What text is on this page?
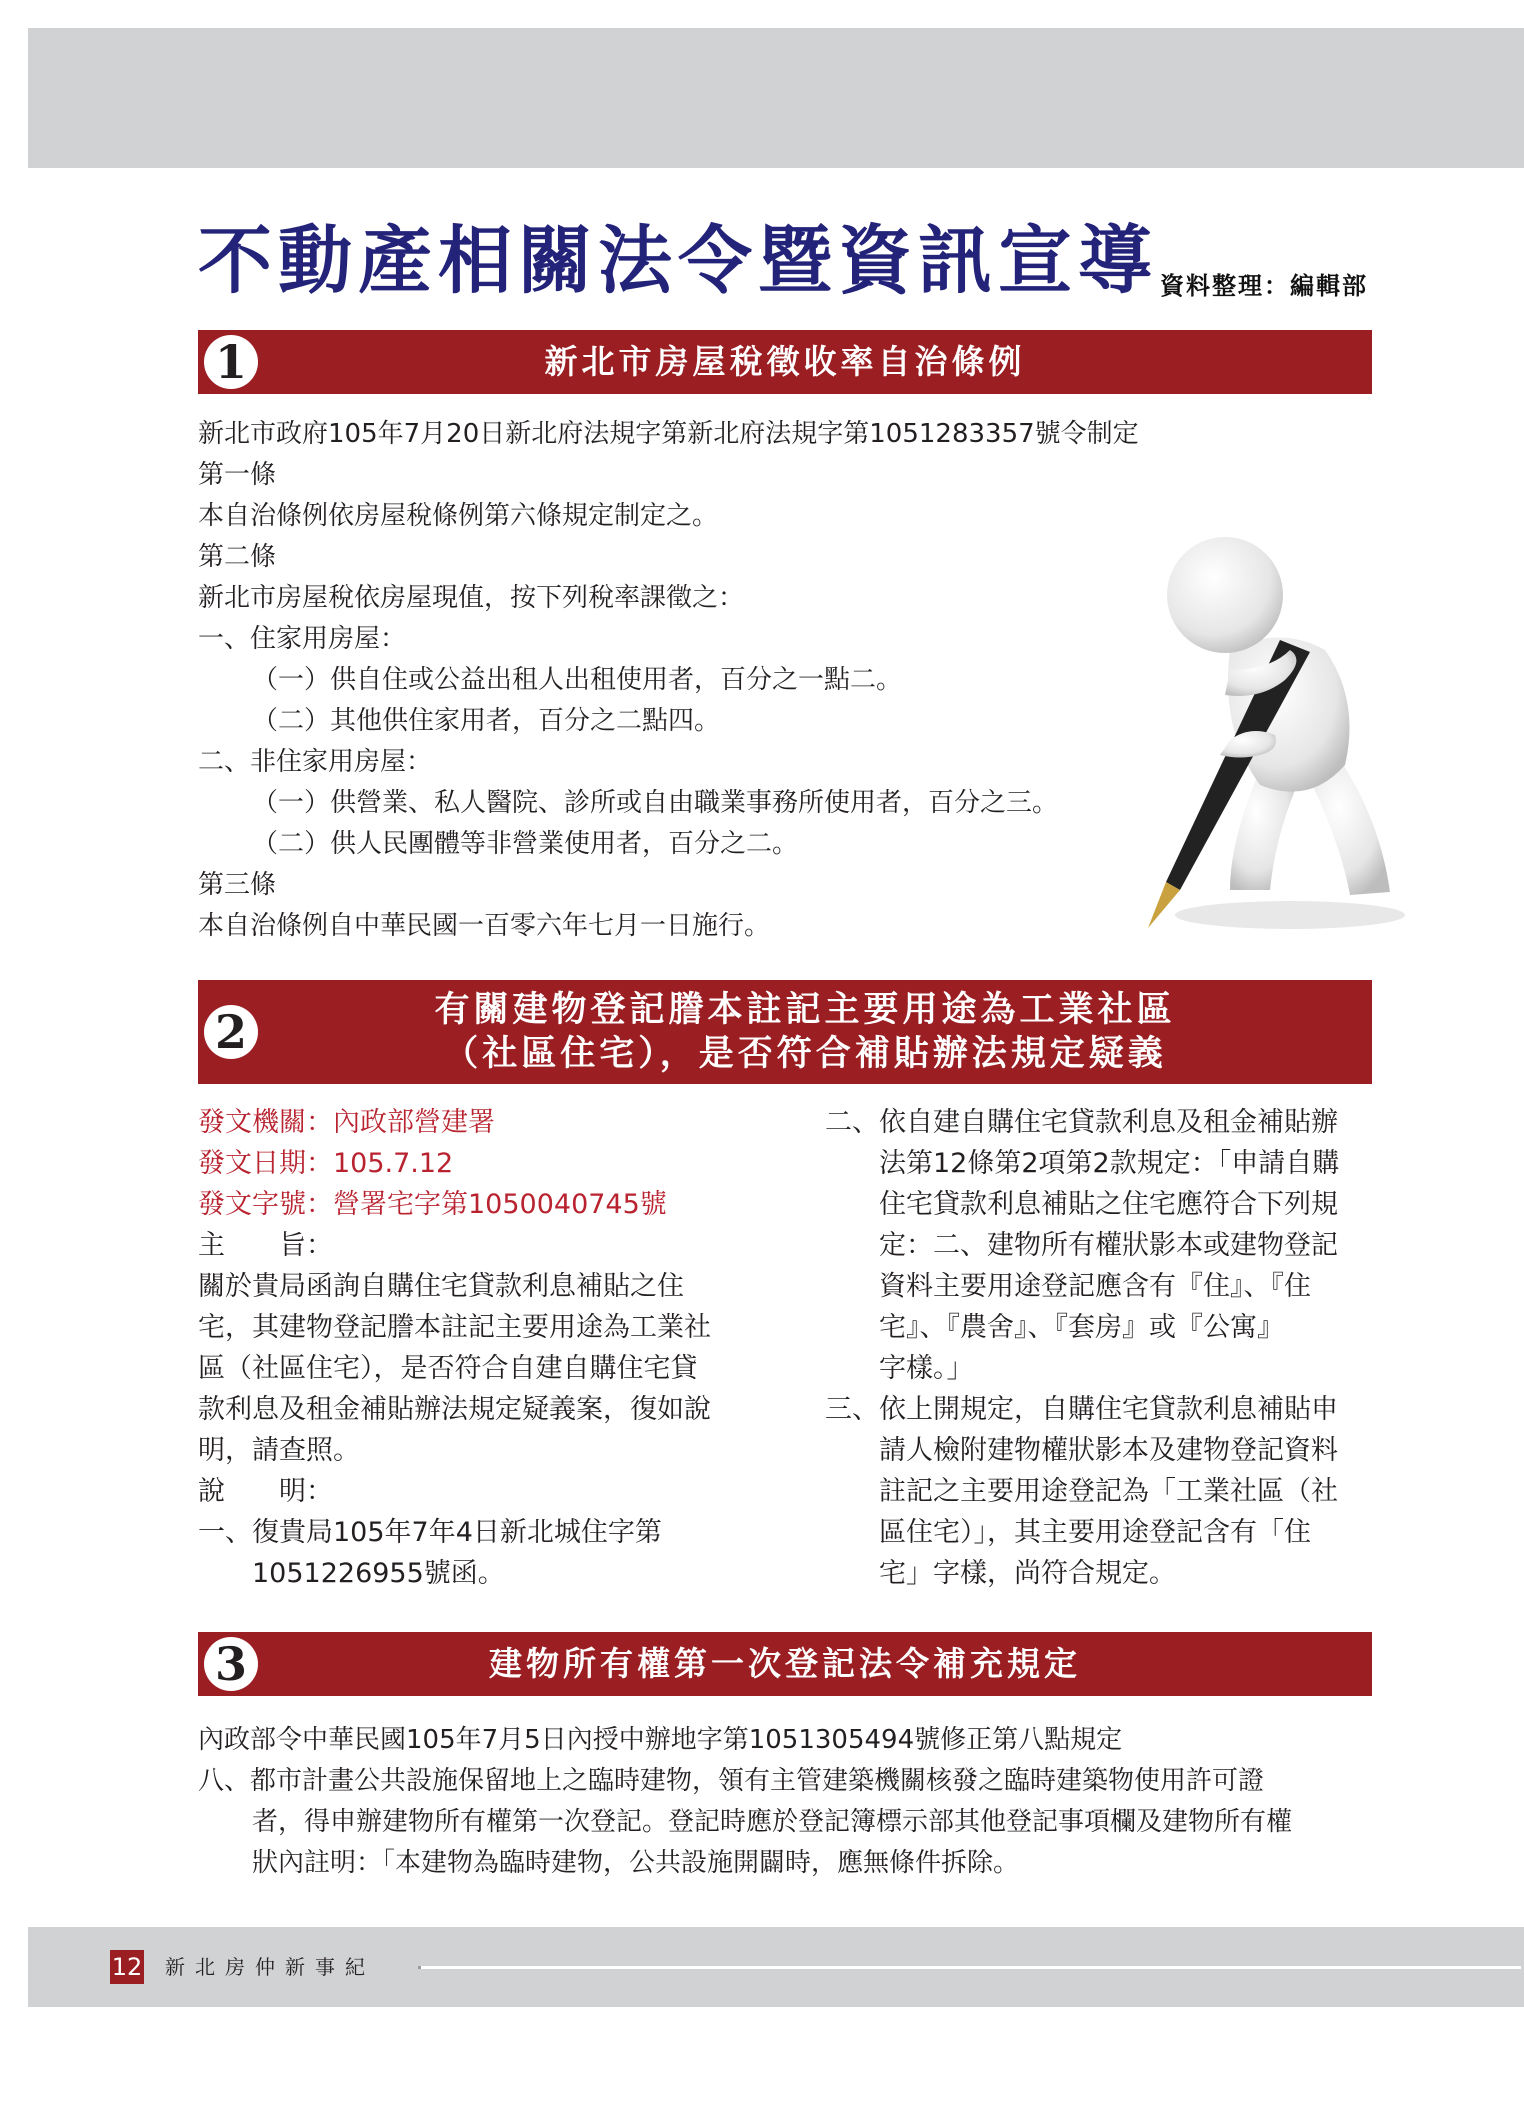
不動產相關法令暨資訊宣導 資料整理：編輯部
1	新北市房屋稅徵收率自治條例
新北市政府105年7月20日新北府法規字第新北府法規字第1051283357號令制定
第一條
本自治條例依房屋稅條例第六條規定制定之。
第二條
新北市房屋稅依房屋現值，按下列稅率課徵之：
一、住家用房屋：
（一）供自住或公益出租人出租使用者，百分之一點二。
（二）其他供住家用者，百分之二點四。
二、非住家用房屋：
（一）供營業、私人醫院、診所或自由職業事務所使用者，百分之三。
（二）供人民團體等非營業使用者，百分之二。
第三條
本自治條例自中華民國一百零六年七月一日施行。
2	有關建物登記謄本註記主要用途為工業社區
（社區住宅），是否符合補貼辦法規定疑義
發文機關：內政部營建署
發文日期：105.7.12
發文字號：營署宅字第1050040745號
主　　旨：
關於貴局函詢自購住宅貸款利息補貼之住
宅，其建物登記謄本註記主要用途為工業社
區（社區住宅），是否符合自建自購住宅貸
款利息及租金補貼辦法規定疑義案，復如說
明，請查照。
說　　明：
一、復貴局105年7年4日新北城住字第
1051226955號函。
二、依自建自購住宅貸款利息及租金補貼辦
法第12條第2項第2款規定：「申請自購
住宅貸款利息補貼之住宅應符合下列規
定：二、建物所有權狀影本或建物登記
資料主要用途登記應含有『住』、『住
宅』、『農舍』、『套房』或『公寓』
字樣。」
三、依上開規定，自購住宅貸款利息補貼申
請人檢附建物權狀影本及建物登記資料
註記之主要用途登記為「工業社區（社
區住宅）」，其主要用途登記含有「住
宅」字樣，尚符合規定。
3	建物所有權第一次登記法令補充規定
內政部令中華民國105年7月5日內授中辦地字第1051305494號修正第八點規定
八、都市計畫公共設施保留地上之臨時建物，領有主管建築機關核發之臨時建築物使用許可證
者，得申辦建物所有權第一次登記。登記時應於登記簿標示部其他登記事項欄及建物所有權
狀內註明：「本建物為臨時建物，公共設施開闢時，應無條件拆除。
12 新北房仲新事紀
